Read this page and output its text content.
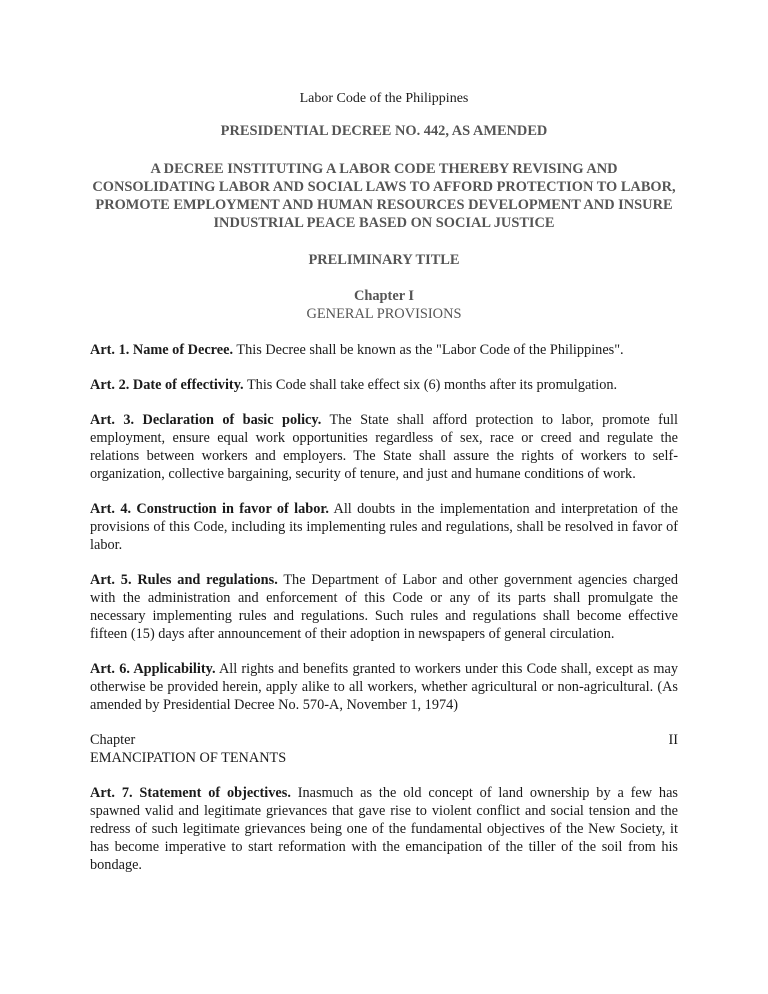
Labor Code of the Philippines

PRESIDENTIAL DECREE NO. 442, AS AMENDED

A DECREE INSTITUTING A LABOR CODE THEREBY REVISING AND CONSOLIDATING LABOR AND SOCIAL LAWS TO AFFORD PROTECTION TO LABOR, PROMOTE EMPLOYMENT AND HUMAN RESOURCES DEVELOPMENT AND INSURE INDUSTRIAL PEACE BASED ON SOCIAL JUSTICE

PRELIMINARY TITLE

Chapter I

GENERAL PROVISIONS

Art. 1. Name of Decree. This Decree shall be known as the "Labor Code of the Philippines".

Art. 2. Date of effectivity. This Code shall take effect six (6) months after its promulgation.

Art. 3. Declaration of basic policy. The State shall afford protection to labor, promote full employment, ensure equal work opportunities regardless of sex, race or creed and regulate the relations between workers and employers. The State shall assure the rights of workers to self-organization, collective bargaining, security of tenure, and just and humane conditions of work.

Art. 4. Construction in favor of labor. All doubts in the implementation and interpretation of the provisions of this Code, including its implementing rules and regulations, shall be resolved in favor of labor.

Art. 5. Rules and regulations. The Department of Labor and other government agencies charged with the administration and enforcement of this Code or any of its parts shall promulgate the necessary implementing rules and regulations. Such rules and regulations shall become effective fifteen (15) days after announcement of their adoption in newspapers of general circulation.

Art. 6. Applicability. All rights and benefits granted to workers under this Code shall, except as may otherwise be provided herein, apply alike to all workers, whether agricultural or non-agricultural. (As amended by Presidential Decree No. 570-A, November 1, 1974)

Chapter	II
EMANCIPATION OF TENANTS

Art. 7. Statement of objectives. Inasmuch as the old concept of land ownership by a few has spawned valid and legitimate grievances that gave rise to violent conflict and social tension and the redress of such legitimate grievances being one of the fundamental objectives of the New Society, it has become imperative to start reformation with the emancipation of the tiller of the soil from his bondage.
